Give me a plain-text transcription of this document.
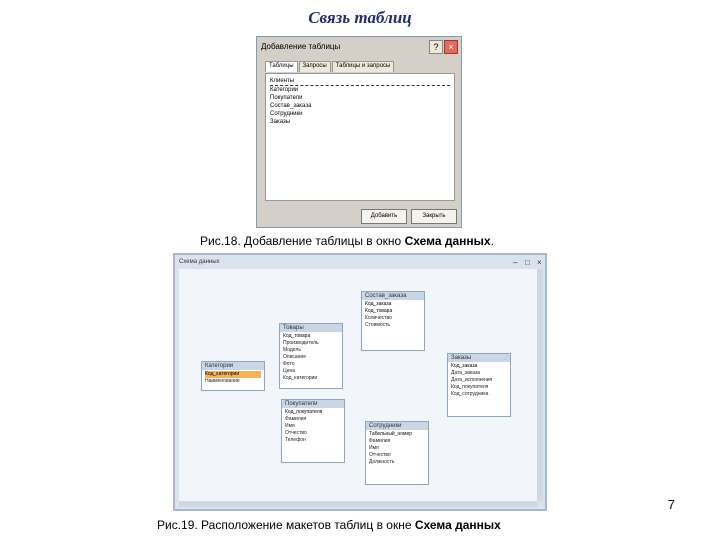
Связь таблиц
Добавление таблицы	?	×
Таблицы	Запросы	Таблицы и запросы
Клиенты
Категории
Покупатели
Состав_заказа
Сотрудники
Заказы
Добавить	Закрыть
Рис.18. Добавление таблицы в окно Схема данных.
Схема данных	– □ ×
Состав_заказа
Код_заказа
Код_товара
Количество
Стоимость
Товары
Код_товара
Производитель
Модель
Описание
Фото
Цена
Код_категории
Категории
Код_категории
Наименование
Заказы
Код_заказа
Дата_заказа
Дата_исполнения
Код_покупателя
Код_сотрудника
Покупатели
Код_покупателя
Фамилия
Имя
Отчество
Телефон
Сотрудники
Табельный_номер
Фамилия
Имя
Отчество
Должность
7
Рис.19. Расположение макетов таблиц в окне Схема данных
